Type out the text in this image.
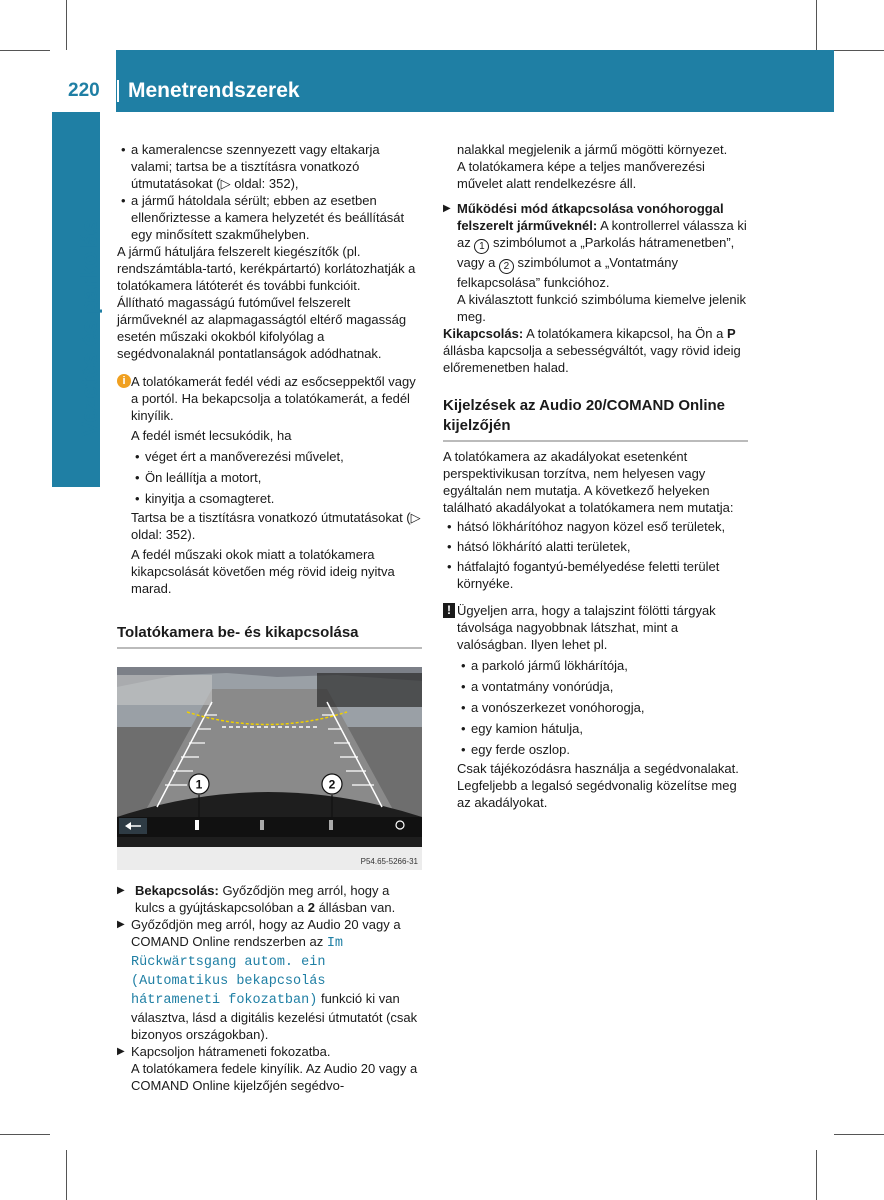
220 Menetrendszerek
Vezetés és parkolás

• a kameralencse szennyezett vagy eltakarja valami; tartsa be a tisztításra vonatkozó útmutatásokat (▷ oldal: 352),

• a jármű hátoldala sérült; ebben az esetben ellenőriztesse a kamera helyzetét és beállítását egy minősített szakműhelyben.

A jármű hátuljára felszerelt kiegészítők (pl. rendszámtábla-tartó, kerékpártartó) korlátozhatják a tolatókamera látóterét és további funkcióit.

Állítható magasságú futóművel felszerelt járműveknél az alapmagasságtól eltérő magasság esetén műszaki okokból kifolyólag a segédvonalaknál pontatlanságok adódhatnak.

i A tolatókamerát fedél védi az esőcseppektől vagy a portól. Ha bekapcsolja a tolatókamerát, a fedél kinyílik.

A fedél ismét lecsukódik, ha

• véget ért a manőverezési művelet,

• Ön leállítja a motort,

• kinyitja a csomagteret.

Tartsa be a tisztításra vonatkozó útmutatásokat (▷ oldal: 352).

A fedél műszaki okok miatt a tolatókamera kikapcsolását követően még rövid ideig nyitva marad.

Tolatókamera be- és kikapcsolása
1	2
P54.65-5266-31

▶ Bekapcsolás: Győződjön meg arról, hogy a kulcs a gyújtáskapcsolóban a 2 állásban van.

▶ Győződjön meg arról, hogy az Audio 20 vagy a COMAND Online rendszerben az Im Rückwärtsgang autom. ein (Automatikus bekapcsolás hátrameneti fokozatban) funkció ki van választva, lásd a digitális kezelési útmutatót (csak bizonyos országokban).

▶ Kapcsoljon hátrameneti fokozatba.

A tolatókamera fedele kinyílik. Az Audio 20 vagy a COMAND Online kijelzőjén segédvo-

nalakkal megjelenik a jármű mögötti környezet.

A tolatókamera képe a teljes manőverezési művelet alatt rendelkezésre áll.

▶ Működési mód átkapcsolása vonóhoroggal felszerelt járműveknél: A kontrollerrel válassza ki az 1 szimbólumot a „Parkolás hátramenetben”, vagy a 2 szimbólumot a „Vontatmány felkapcsolása” funkcióhoz.

A kiválasztott funkció szimbóluma kiemelve jelenik meg.

Kikapcsolás: A tolatókamera kikapcsol, ha Ön a P állásba kapcsolja a sebességváltót, vagy rövid ideig előremenetben halad.

Kijelzések az Audio 20/COMAND Online kijelzőjén

A tolatókamera az akadályokat esetenként perspektivikusan torzítva, nem helyesen vagy egyáltalán nem mutatja. A következő helyeken található akadályokat a tolatókamera nem mutatja:

• hátsó lökhárítóhoz nagyon közel eső területek,

• hátsó lökhárító alatti területek,

• hátfalajtó fogantyú-bemélyedése feletti terület környéke.

! Ügyeljen arra, hogy a talajszint fölötti tárgyak távolsága nagyobbnak látszhat, mint a valóságban. Ilyen lehet pl.

• a parkoló jármű lökhárítója,

• a vontatmány vonórúdja,

• a vonószerkezet vonóhorogja,

• egy kamion hátulja,

• egy ferde oszlop.

Csak tájékozódásra használja a segédvonalakat. Legfeljebb a legalsó segédvonalig közelítse meg az akadályokat.
